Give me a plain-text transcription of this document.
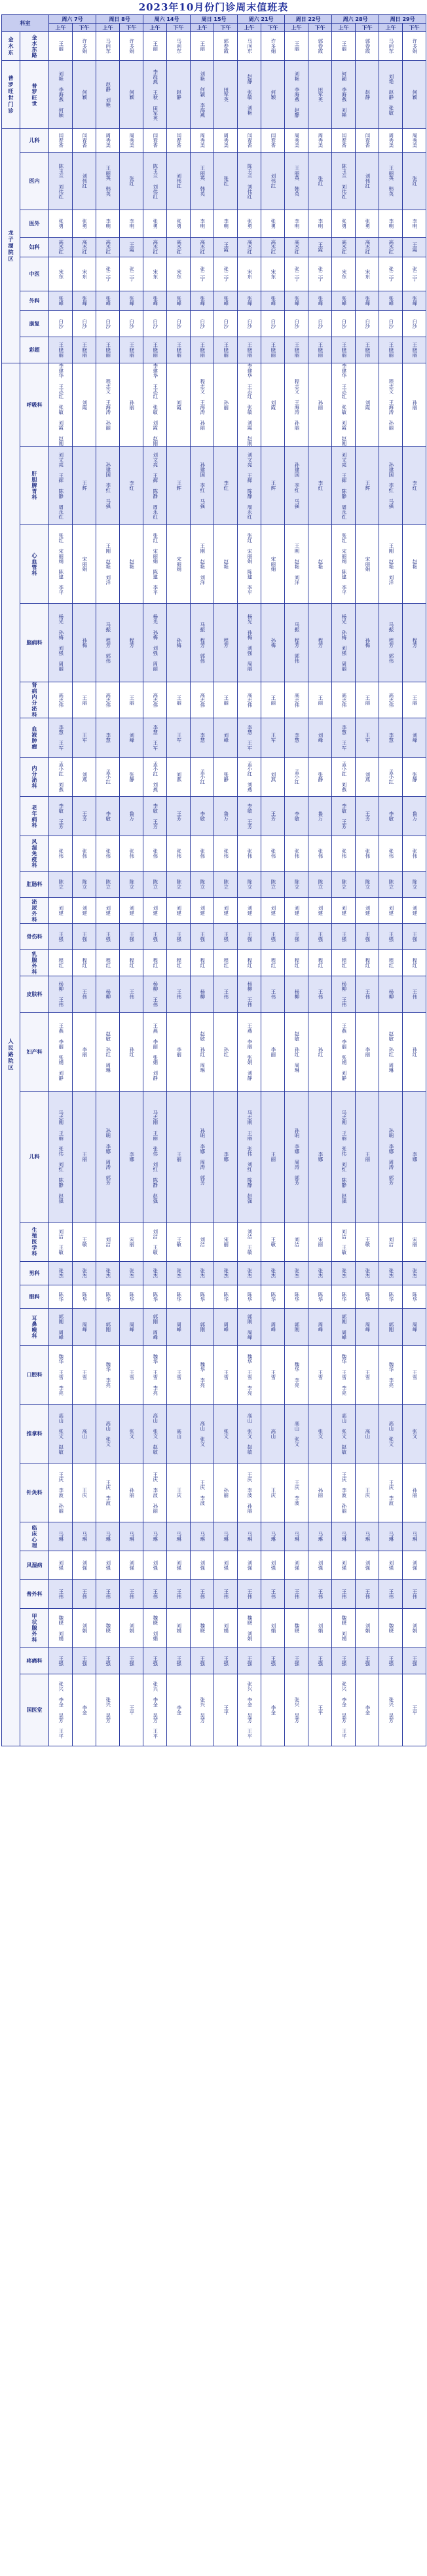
2023年10月份门诊周末值班表
科室		周六 7号		周日 8号		周六 14号		周日 15号		周六 21号		周日 22号		周六 28号		周日 29号	
		上午	下午	上午	下午	上午	下午	上午	下午	上午	下午	上午	下午	上午	下午	上午	下午
金水东	金水东路	王丽	许多娟	马向东	许多娟	王丽	马向东	王丽	郭春霞	马向东	许多娟	王丽	郭春霞	王丽	郭春霞	马向东	许多娟

普罗旺世门诊	普罗旺世	刘艳 李海燕 何颖	何颖	赵静 刘艳	何颖	李海燕 王秋 田军英	赵静	刘艳 何颖 李海燕	田军英	赵静 张敏 刘艳	何颖	刘艳 李海燕 赵静	田军英	何颖 李海燕 刘艳	赵静	刘艳 赵静 张敏	何颖

龙子湖院区	儿科	闫春香	闫春香	周秀美	周秀美	闫春香	闫春香	周秀美	周秀美	闫春香	闫春香	周秀美	周秀美	闫春香	闫春香	周秀美	周秀美

	医内	陈玉兰 刘伟红	刘伟红	王丽英 韩英	张红	陈玉兰 刘伟红	刘伟红	王丽英 韩英	张红	陈玉兰 刘伟红	刘伟红	王丽英 韩英	张红	陈玉兰 刘伟红	刘伟红	王丽英 韩英	张红

	医外	张勇	张勇	李明	李明	张勇	张勇	李明	李明	张勇	张勇	李明	李明	张勇	张勇	李明	李明

	妇科	高杰红	高杰红	高杰红	王霞	高杰红	高杰红	高杰红	王霞	高杰红	高杰红	高杰红	王霞	高杰红	高杰红	高杰红	王霞

	中医	宋东	宋东	张二宁	张二宁	宋东	宋东	张二宁	张二宁	宋东	宋东	张二宁	张二宁	宋东	宋东	张二宁	张二宁

	外科	张峰	张峰	张峰	张峰	张峰	张峰	张峰	张峰	张峰	张峰	张峰	张峰	张峰	张峰	张峰	张峰

	康复	白沙	白沙	白沙	白沙	白沙	白沙	白沙	白沙	白沙	白沙	白沙	白沙	白沙	白沙	白沙	白沙

	彩超	王晓丽	王晓丽	王晓丽	王晓丽	王晓丽	王晓丽	王晓丽	王晓丽	王晓丽	王晓丽	王晓丽	王晓丽	王晓丽	王晓丽	王晓丽	王晓丽

人民路院区	呼吸科	李建华 王志红 张敏 刘霞 赵刚	刘霞	程志文 王海涛 孙丽	孙丽	李建华 王志红 张敏 刘霞 赵刚	刘霞	程志文 王海涛 孙丽	孙丽	李建华 王志红 张敏 刘霞 赵刚	刘霞	程志文 王海涛 孙丽	孙丽	李建华 王志红 张敏 刘霞 赵刚	刘霞	程志文 王海涛 孙丽	孙丽

	肝胆脾胃科	刘文亮 王辉 陈静 周永红	王辉	孙建国 李红 马强	李红	刘文亮 王辉 陈静 周永红	王辉	孙建国 李红 马强	李红	刘文亮 王辉 陈静 周永红	王辉	孙建国 李红 马强	李红	刘文亮 王辉 陈静 周永红	王辉	孙建国 李红 马强	李红

	心血管科	张红 宋丽娟 陈建 李平	宋丽娟	王刚 赵艳 刘洋	赵艳	张红 宋丽娟 陈建 李平	宋丽娟	王刚 赵艳 刘洋	赵艳	张红 宋丽娟 陈建 李平	宋丽娟	王刚 赵艳 刘洋	赵艳	张红 宋丽娟 陈建 李平	宋丽娟	王刚 赵艳 刘洋	赵艳

	脑病科	杨光 孙梅 刘强 周丽	孙梅	马振 程芳 郭伟	程芳	杨光 孙梅 刘强 周丽	孙梅	马振 程芳 郭伟	程芳	杨光 孙梅 刘强 周丽	孙梅	马振 程芳 郭伟	程芳	杨光 孙梅 刘强 周丽	孙梅	马振 程芳 郭伟	程芳

	肾病内分泌科	高志伟	王丽	高志伟	王丽	高志伟	王丽	高志伟	王丽	高志伟	王丽	高志伟	王丽	高志伟	王丽	高志伟	王丽

	血液肿瘤	李慧 王军	王军	李慧	刘峰	李慧 王军	王军	李慧	刘峰	李慧 王军	王军	李慧	刘峰	李慧 王军	王军	李慧	刘峰

	内分泌科	孟小红 刘燕	刘燕	孟小红	张静	孟小红 刘燕	刘燕	孟小红	张静	孟小红 刘燕	刘燕	孟小红	张静	孟小红 刘燕	刘燕	孟小红	张静

	老年病科	李敏 王芳	王芳	李敏	鲁万	李敏 王芳	王芳	李敏	鲁万	李敏 王芳	王芳	李敏	鲁万	李敏 王芳	王芳	李敏	鲁万

	风湿免疫科	张伟	张伟	张伟	张伟	张伟	张伟	张伟	张伟	张伟	张伟	张伟	张伟	张伟	张伟	张伟	张伟

	肛肠科	陈立	陈立	陈立	陈立	陈立	陈立	陈立	陈立	陈立	陈立	陈立	陈立	陈立	陈立	陈立	陈立

	泌尿外科	刘建	刘建	刘建	刘建	刘建	刘建	刘建	刘建	刘建	刘建	刘建	刘建	刘建	刘建	刘建	刘建

	骨伤科	王强	王强	王强	王强	王强	王强	王强	王强	王强	王强	王强	王强	王强	王强	王强	王强

	乳腺外科	程红	程红	程红	程红	程红	程红	程红	程红	程红	程红	程红	程红	程红	程红	程红	程红

	皮肤科	杨柳 王伟	王伟	杨柳	王伟	杨柳 王伟	王伟	杨柳	王伟	杨柳 王伟	王伟	杨柳	王伟	杨柳 王伟	王伟	杨柳	王伟

	妇产科	王燕 李丽 张娟 刘静	李丽	赵敏 孙红 周琳	孙红	王燕 李丽 张娟 刘静	李丽	赵敏 孙红 周琳	孙红	王燕 李丽 张娟 刘静	李丽	赵敏 孙红 周琳	孙红	王燕 李丽 张娟 刘静	李丽	赵敏 孙红 周琳	孙红

	儿科	马志刚 王丽 张伟 刘红 陈静 赵强	王丽	孙明 李娜 周涛 郭芳	李娜	马志刚 王丽 张伟 刘红 陈静 赵强	王丽	孙明 李娜 周涛 郭芳	李娜	马志刚 王丽 张伟 刘红 陈静 赵强	王丽	孙明 李娜 周涛 郭芳	李娜	马志刚 王丽 张伟 刘红 陈静 赵强	王丽	孙明 李娜 周涛 郭芳	李娜

	生殖医学科	刘洁 王敏	王敏	刘洁	宋丽	刘洁 王敏	王敏	刘洁	宋丽	刘洁 王敏	王敏	刘洁	宋丽	刘洁 王敏	王敏	刘洁	宋丽

	男科	张杰	张杰	张杰	张杰	张杰	张杰	张杰	张杰	张杰	张杰	张杰	张杰	张杰	张杰	张杰	张杰

	眼科	陈华	陈华	陈华	陈华	陈华	陈华	陈华	陈华	陈华	陈华	陈华	陈华	陈华	陈华	陈华	陈华

	耳鼻喉科	郭刚 周峰	周峰	郭刚	周峰	郭刚 周峰	周峰	郭刚	周峰	郭刚 周峰	周峰	郭刚	周峰	郭刚 周峰	周峰	郭刚	周峰

	口腔科	魏华 王雪 李亮	王雪	魏华 李亮	王雪	魏华 王雪 李亮	王雪	魏华 李亮	王雪	魏华 王雪 李亮	王雪	魏华 李亮	王雪	魏华 王雪 李亮	王雪	魏华 李亮	王雪

	推拿科	高山 张文 赵敏	高山	高山 张文	张文	高山 张文 赵敏	高山	高山 张文	张文	高山 张文 赵敏	高山	高山 张文	张文	高山 张文 赵敏	高山	高山 张文	张文

	针灸科	王庆 李波 孙丽	王庆	王庆 李波	孙丽	王庆 李波 孙丽	王庆	王庆 李波	孙丽	王庆 李波 孙丽	王庆	王庆 李波	孙丽	王庆 李波 孙丽	王庆	王庆 李波	孙丽

	临床心理	马琳	马琳	马琳	马琳	马琳	马琳	马琳	马琳	马琳	马琳	马琳	马琳	马琳	马琳	马琳	马琳

	风湿病	刘强	刘强	刘强	刘强	刘强	刘强	刘强	刘强	刘强	刘强	刘强	刘强	刘强	刘强	刘强	刘强

	普外科	王伟	王伟	王伟	王伟	王伟	王伟	王伟	王伟	王伟	王伟	王伟	王伟	王伟	王伟	王伟	王伟

	甲状腺外科	魏晓 刘娟	刘娟	魏晓	刘娟	魏晓 刘娟	刘娟	魏晓	刘娟	魏晓 刘娟	刘娟	魏晓	刘娟	魏晓 刘娟	刘娟	魏晓	刘娟

	疼痛科	王强	王强	王强	王强	王强	王强	王强	王强	王强	王强	王强	王强	王强	王强	王强	王强

	国医堂	张兴 李金 吴芳 王平	李金	张兴 吴芳	王平	张兴 李金 吴芳 王平	李金	张兴 吴芳	王平	张兴 李金 吴芳 王平	李金	张兴 吴芳	王平	张兴 李金 吴芳 王平	李金	张兴 吴芳	王平
